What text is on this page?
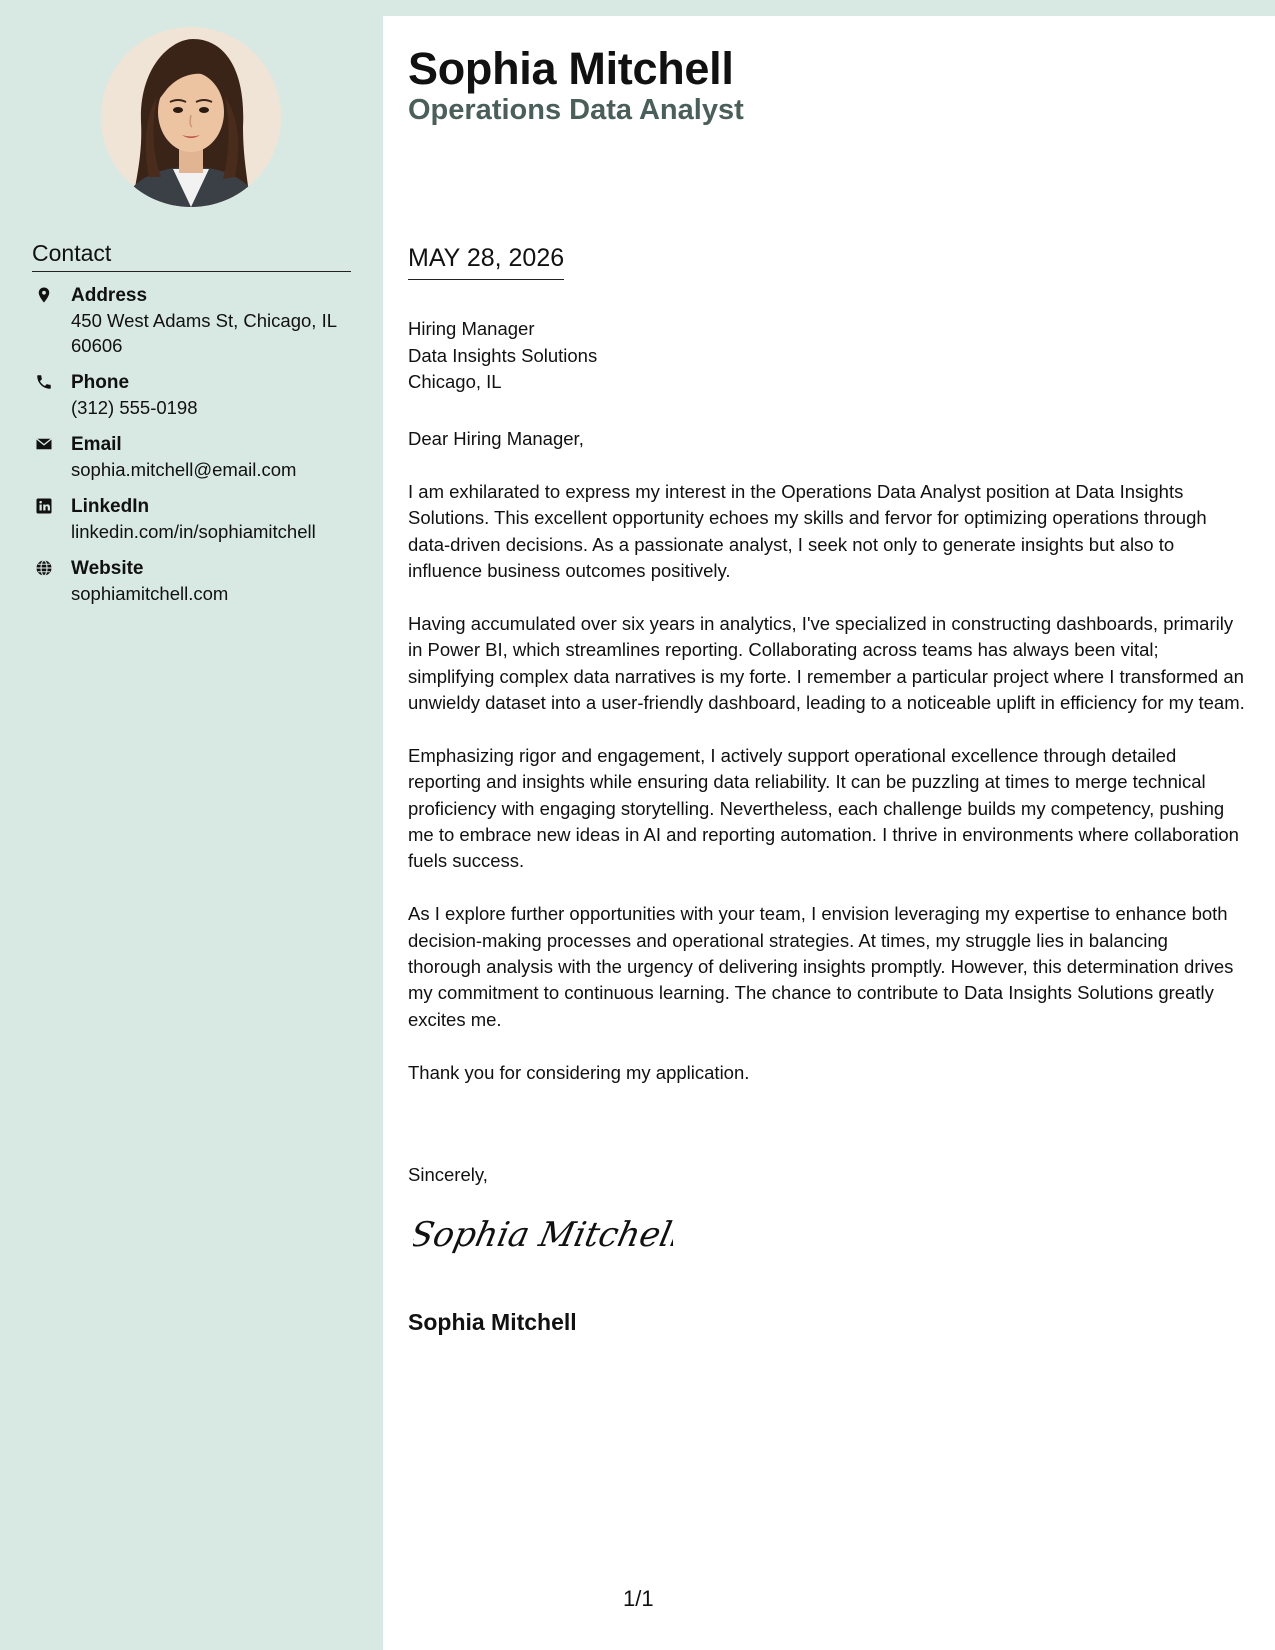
Contact
Address
450 West Adams St, Chicago, IL 60606
Phone
(312) 555-0198
Email
sophia.mitchell@email.com
LinkedIn
linkedin.com/in/sophiamitchell
Website
sophiamitchell.com
Sophia Mitchell
Operations Data Analyst
MAY 28, 2026
Hiring Manager
Data Insights Solutions
Chicago, IL

Dear Hiring Manager,

I am exhilarated to express my interest in the Operations Data Analyst position at Data Insights Solutions. This excellent opportunity echoes my skills and fervor for optimizing operations through data-driven decisions. As a passionate analyst, I seek not only to generate insights but also to influence business outcomes positively.

Having accumulated over six years in analytics, I've specialized in constructing dashboards, primarily in Power BI, which streamlines reporting. Collaborating across teams has always been vital; simplifying complex data narratives is my forte. I remember a particular project where I transformed an unwieldy dataset into a user-friendly dashboard, leading to a noticeable uplift in efficiency for my team.

Emphasizing rigor and engagement, I actively support operational excellence through detailed reporting and insights while ensuring data reliability. It can be puzzling at times to merge technical proficiency with engaging storytelling. Nevertheless, each challenge builds my competency, pushing me to embrace new ideas in AI and reporting automation. I thrive in environments where collaboration fuels success.

As I explore further opportunities with your team, I envision leveraging my expertise to enhance both decision-making processes and operational strategies. At times, my struggle lies in balancing thorough analysis with the urgency of delivering insights promptly. However, this determination drives my commitment to continuous learning. The chance to contribute to Data Insights Solutions greatly excites me.

Thank you for considering my application.

Sincerely,
Sophia Mitchell
Sophia Mitchell
1/1
